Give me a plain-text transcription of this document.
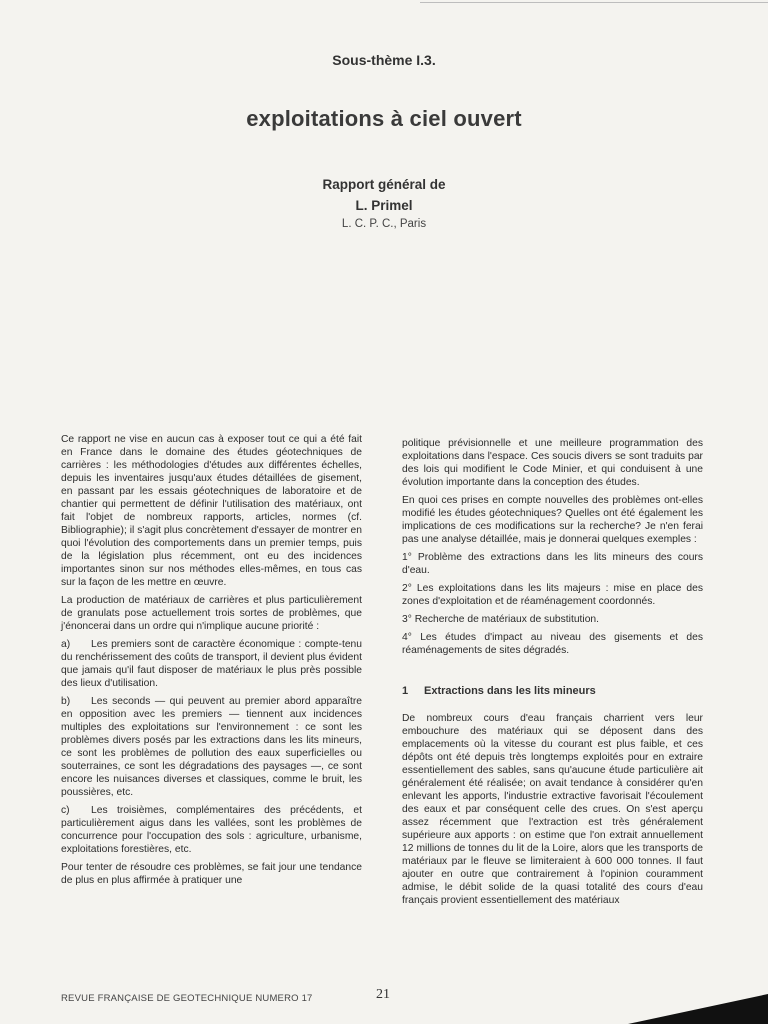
Sous-thème I.3.
exploitations à ciel ouvert
Rapport général de
L. Primel
L. C. P. C., Paris

Ce rapport ne vise en aucun cas à exposer tout ce qui a été fait en France dans le domaine des études géotechniques de carrières : les méthodologies d'études aux différentes échelles, depuis les inventaires jusqu'aux études détaillées de gisement, en passant par les essais géotechniques de laboratoire et de chantier qui permettent de définir l'utilisation des matériaux, ont fait l'objet de nombreux rapports, articles, normes (cf. Bibliographie); il s'agit plus concrètement d'essayer de montrer en quoi l'évolution des comportements dans un premier temps, puis de la législation plus récemment, ont eu des incidences importantes sinon sur nos méthodes elles-mêmes, en tous cas sur la façon de les mettre en œuvre.

La production de matériaux de carrières et plus particulièrement de granulats pose actuellement trois sortes de problèmes, que j'énoncerai dans un ordre qui n'implique aucune priorité :

a) Les premiers sont de caractère économique : compte-tenu du renchérissement des coûts de transport, il devient plus évident que jamais qu'il faut disposer de matériaux le plus près possible des lieux d'utilisation.

b) Les seconds — qui peuvent au premier abord apparaître en opposition avec les premiers — tiennent aux incidences multiples des exploitations sur l'environnement : ce sont les problèmes divers posés par les extractions dans les lits mineurs, ce sont les problèmes de pollution des eaux superficielles ou souterraines, ce sont les dégradations des paysages —, ce sont encore les nuisances diverses et classiques, comme le bruit, les poussières, etc.

c) Les troisièmes, complémentaires des précédents, et particulièrement aigus dans les vallées, sont les problèmes de concurrence pour l'occupation des sols : agriculture, urbanisme, exploitations forestières, etc.

Pour tenter de résoudre ces problèmes, se fait jour une tendance de plus en plus affirmée à pratiquer une

politique prévisionnelle et une meilleure programmation des exploitations dans l'espace. Ces soucis divers se sont traduits par des lois qui modifient le Code Minier, et qui conduisent à une évolution importante dans la conception des études.

En quoi ces prises en compte nouvelles des problèmes ont-elles modifié les études géotechniques? Quelles ont été également les implications de ces modifications sur la recherche? Je n'en ferai pas une analyse détaillée, mais je donnerai quelques exemples :

1° Problème des extractions dans les lits mineurs des cours d'eau.

2° Les exploitations dans les lits majeurs : mise en place des zones d'exploitation et de réaménagement coordonnés.

3° Recherche de matériaux de substitution.

4° Les études d'impact au niveau des gisements et des réaménagements de sites dégradés.

1 Extractions dans les lits mineurs

De nombreux cours d'eau français charrient vers leur embouchure des matériaux qui se déposent dans des emplacements où la vitesse du courant est plus faible, et ces dépôts ont été depuis très longtemps exploités pour en extraire essentiellement des sables, sans qu'aucune étude particulière ait généralement été réalisée; on avait tendance à considérer qu'en enlevant les apports, l'industrie extractive favorisait l'écoulement des eaux et par conséquent celle des crues. On s'est aperçu assez récemment que l'extraction est très généralement supérieure aux apports : on estime que l'on extrait annuellement 12 millions de tonnes du lit de la Loire, alors que les transports de matériaux par le fleuve se limiteraient à 600 000 tonnes. Il faut ajouter en outre que contrairement à l'opinion couramment admise, le débit solide de la quasi totalité des cours d'eau français provient essentiellement des matériaux

REVUE FRANÇAISE DE GEOTECHNIQUE NUMERO 17	21
